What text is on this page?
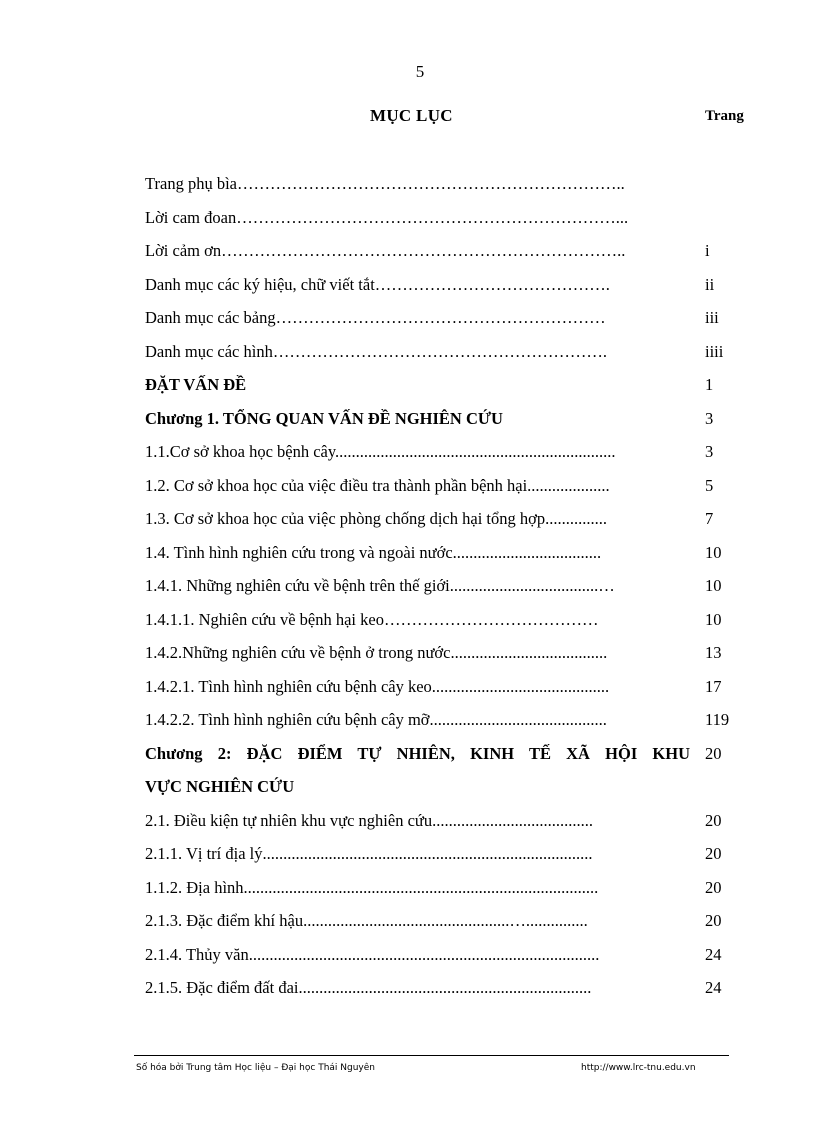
5
MỤC LỤC	Trang
Trang phụ bìa……………………………………………………………..
Lời cam đoan……………………………………………………………...
Lời cảm ơn………………………………………………………………..	i
Danh mục các ký hiệu, chữ viết tắt…………………………………….	ii
Danh mục các bảng……………………………………………………	iii
Danh mục các hình…………………………………………………….	iiii
ĐẶT VẤN ĐỀ	1
Chương 1. TỔNG QUAN VẤN ĐỀ NGHIÊN CỨU	3
1.1.Cơ sở khoa học bệnh cây....................................................................	3
1.2. Cơ sở khoa học của việc điều tra thành phần bệnh hại....................	5
1.3. Cơ sở khoa học của việc phòng chống dịch hại tổng hợp...............	7
1.4. Tình hình nghiên cứu trong và ngoài nước....................................	10
1.4.1. Những nghiên cứu về bệnh trên thế giới....................................…	10
1.4.1.1. Nghiên cứu về bệnh hại keo…………………………………	10
1.4.2.Những nghiên cứu về bệnh ở trong nước......................................	13
1.4.2.1. Tình hình nghiên cứu bệnh cây keo...........................................	17
1.4.2.2. Tình hình nghiên cứu bệnh cây mỡ...........................................	119
Chương 2: ĐẶC ĐIỂM TỰ NHIÊN, KINH TẾ XÃ HỘI KHU 20
VỰC NGHIÊN CỨU
2.1. Điều kiện tự nhiên khu vực nghiên cứu.......................................	20
2.1.1. Vị trí địa lý................................................................................	20
1.1.2. Địa hình......................................................................................	20
2.1.3. Đặc điểm khí hậu..................................................…...............	20
2.1.4. Thủy văn.....................................................................................	24
2.1.5. Đặc điểm đất đai.......................................................................	24
Số hóa bởi Trung tâm Học liệu – Đại học Thái Nguyên	http://www.lrc-tnu.edu.vn
